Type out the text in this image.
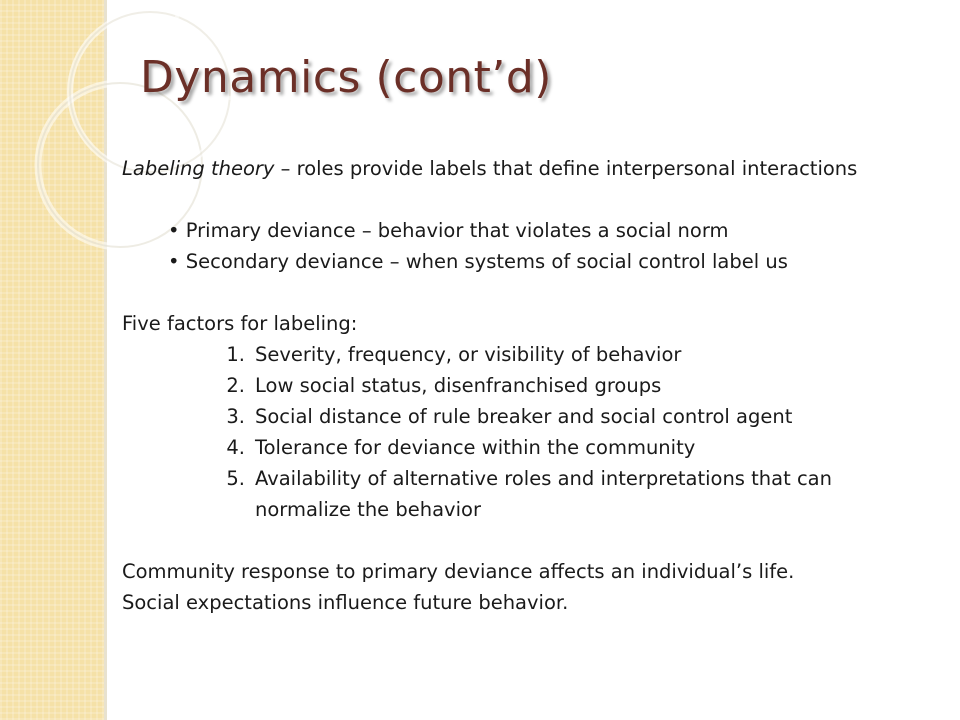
Dynamics (cont’d)

Labeling theory – roles provide labels that define interpersonal interactions

• Primary deviance – behavior that violates a social norm

• Secondary deviance – when systems of social control label us

Five factors for labeling:

1. Severity, frequency, or visibility of behavior
2. Low social status, disenfranchised groups
3. Social distance of rule breaker and social control agent
4. Tolerance for deviance within the community
5. Availability of alternative roles and interpretations that can

normalize the behavior

Community response to primary deviance affects an individual’s life.

Social expectations influence future behavior.
